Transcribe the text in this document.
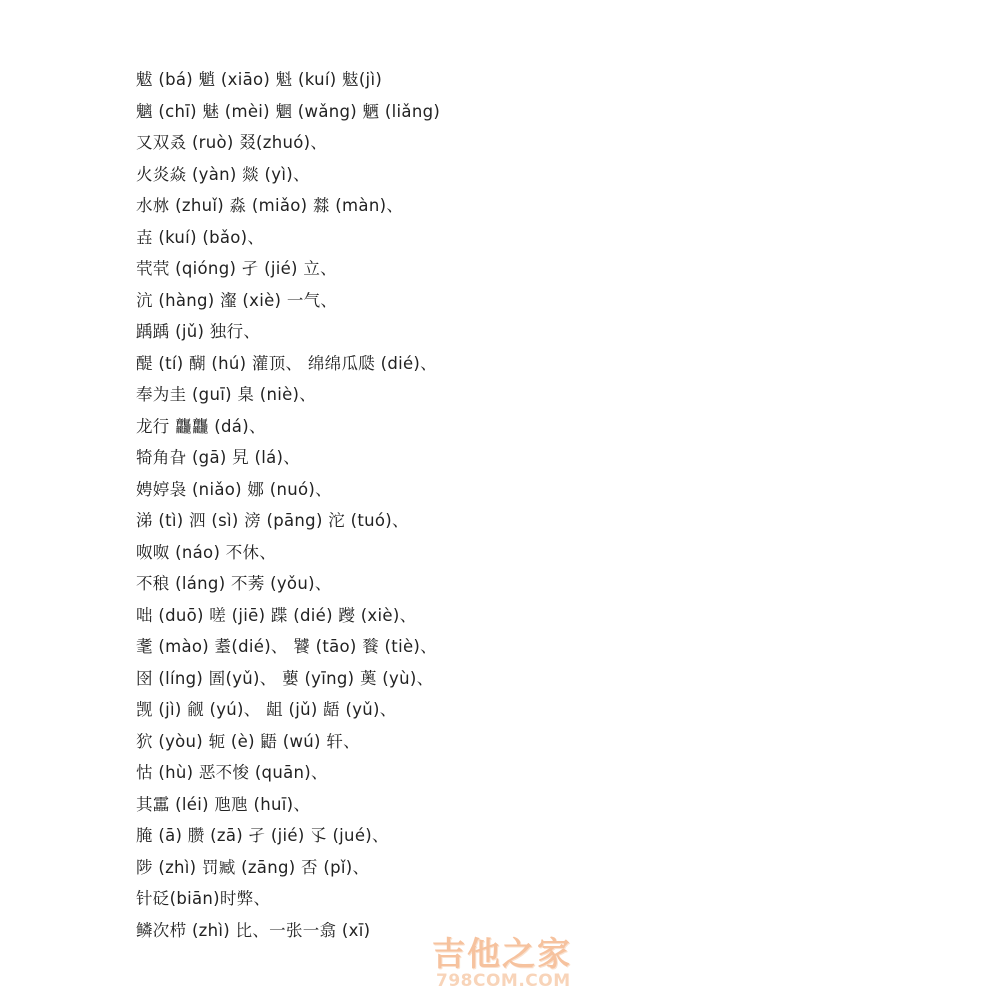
魃 (bá) 魈 (xiāo) 魁 (kuí) 鬾(jì)
魑 (chī) 魅 (mèi) 魍 (wǎng) 魉 (liǎng)
又双叒 (ruò) 叕(zhuó)、
火炎焱 (yàn) 燚 (yì)、
水沝 (zhuǐ) 淼 (miǎo) 㵘 (màn)、
壵 (kuí) (bǎo)、
茕茕 (qióng) 孑 (jié) 立、
沆 (hàng) 瀣 (xiè) 一气、
踽踽 (jǔ) 独行、
醍 (tí) 醐 (hú) 灌顶、 绵绵瓜瓞 (dié)、
奉为圭 (guī) 臬 (niè)、
龙行 龘龘 (dá)、
犄角旮 (gā) 旯 (lá)、
娉婷袅 (niǎo) 娜 (nuó)、
涕 (tì) 泗 (sì) 滂 (pāng) 沱 (tuó)、
呶呶 (náo) 不休、
不稂 (láng) 不莠 (yǒu)、
咄 (duō) 嗟 (jiē) 蹀 (dié) 躞 (xiè)、
耄 (mào) 耋(dié)、 饕 (tāo) 餮 (tiè)、
囹 (líng) 圄(yǔ)、 蘡 (yīng) 薁 (yù)、
觊 (jì) 觎 (yú)、 龃 (jǔ) 龉 (yǔ)、
狖 (yòu) 轭 (è) 鼯 (wú) 轩、
怙 (hù) 恶不悛 (quān)、
其靁 (léi) 虺虺 (huī)、
腌 (ā) 臜 (zā) 孑 (jié) 孓 (jué)、
陟 (zhì) 罚臧 (zāng) 否 (pǐ)、
针砭(biān)时弊、
鳞次栉 (zhì) 比、一张一翕 (xī)
吉他之家
798COM.COM
